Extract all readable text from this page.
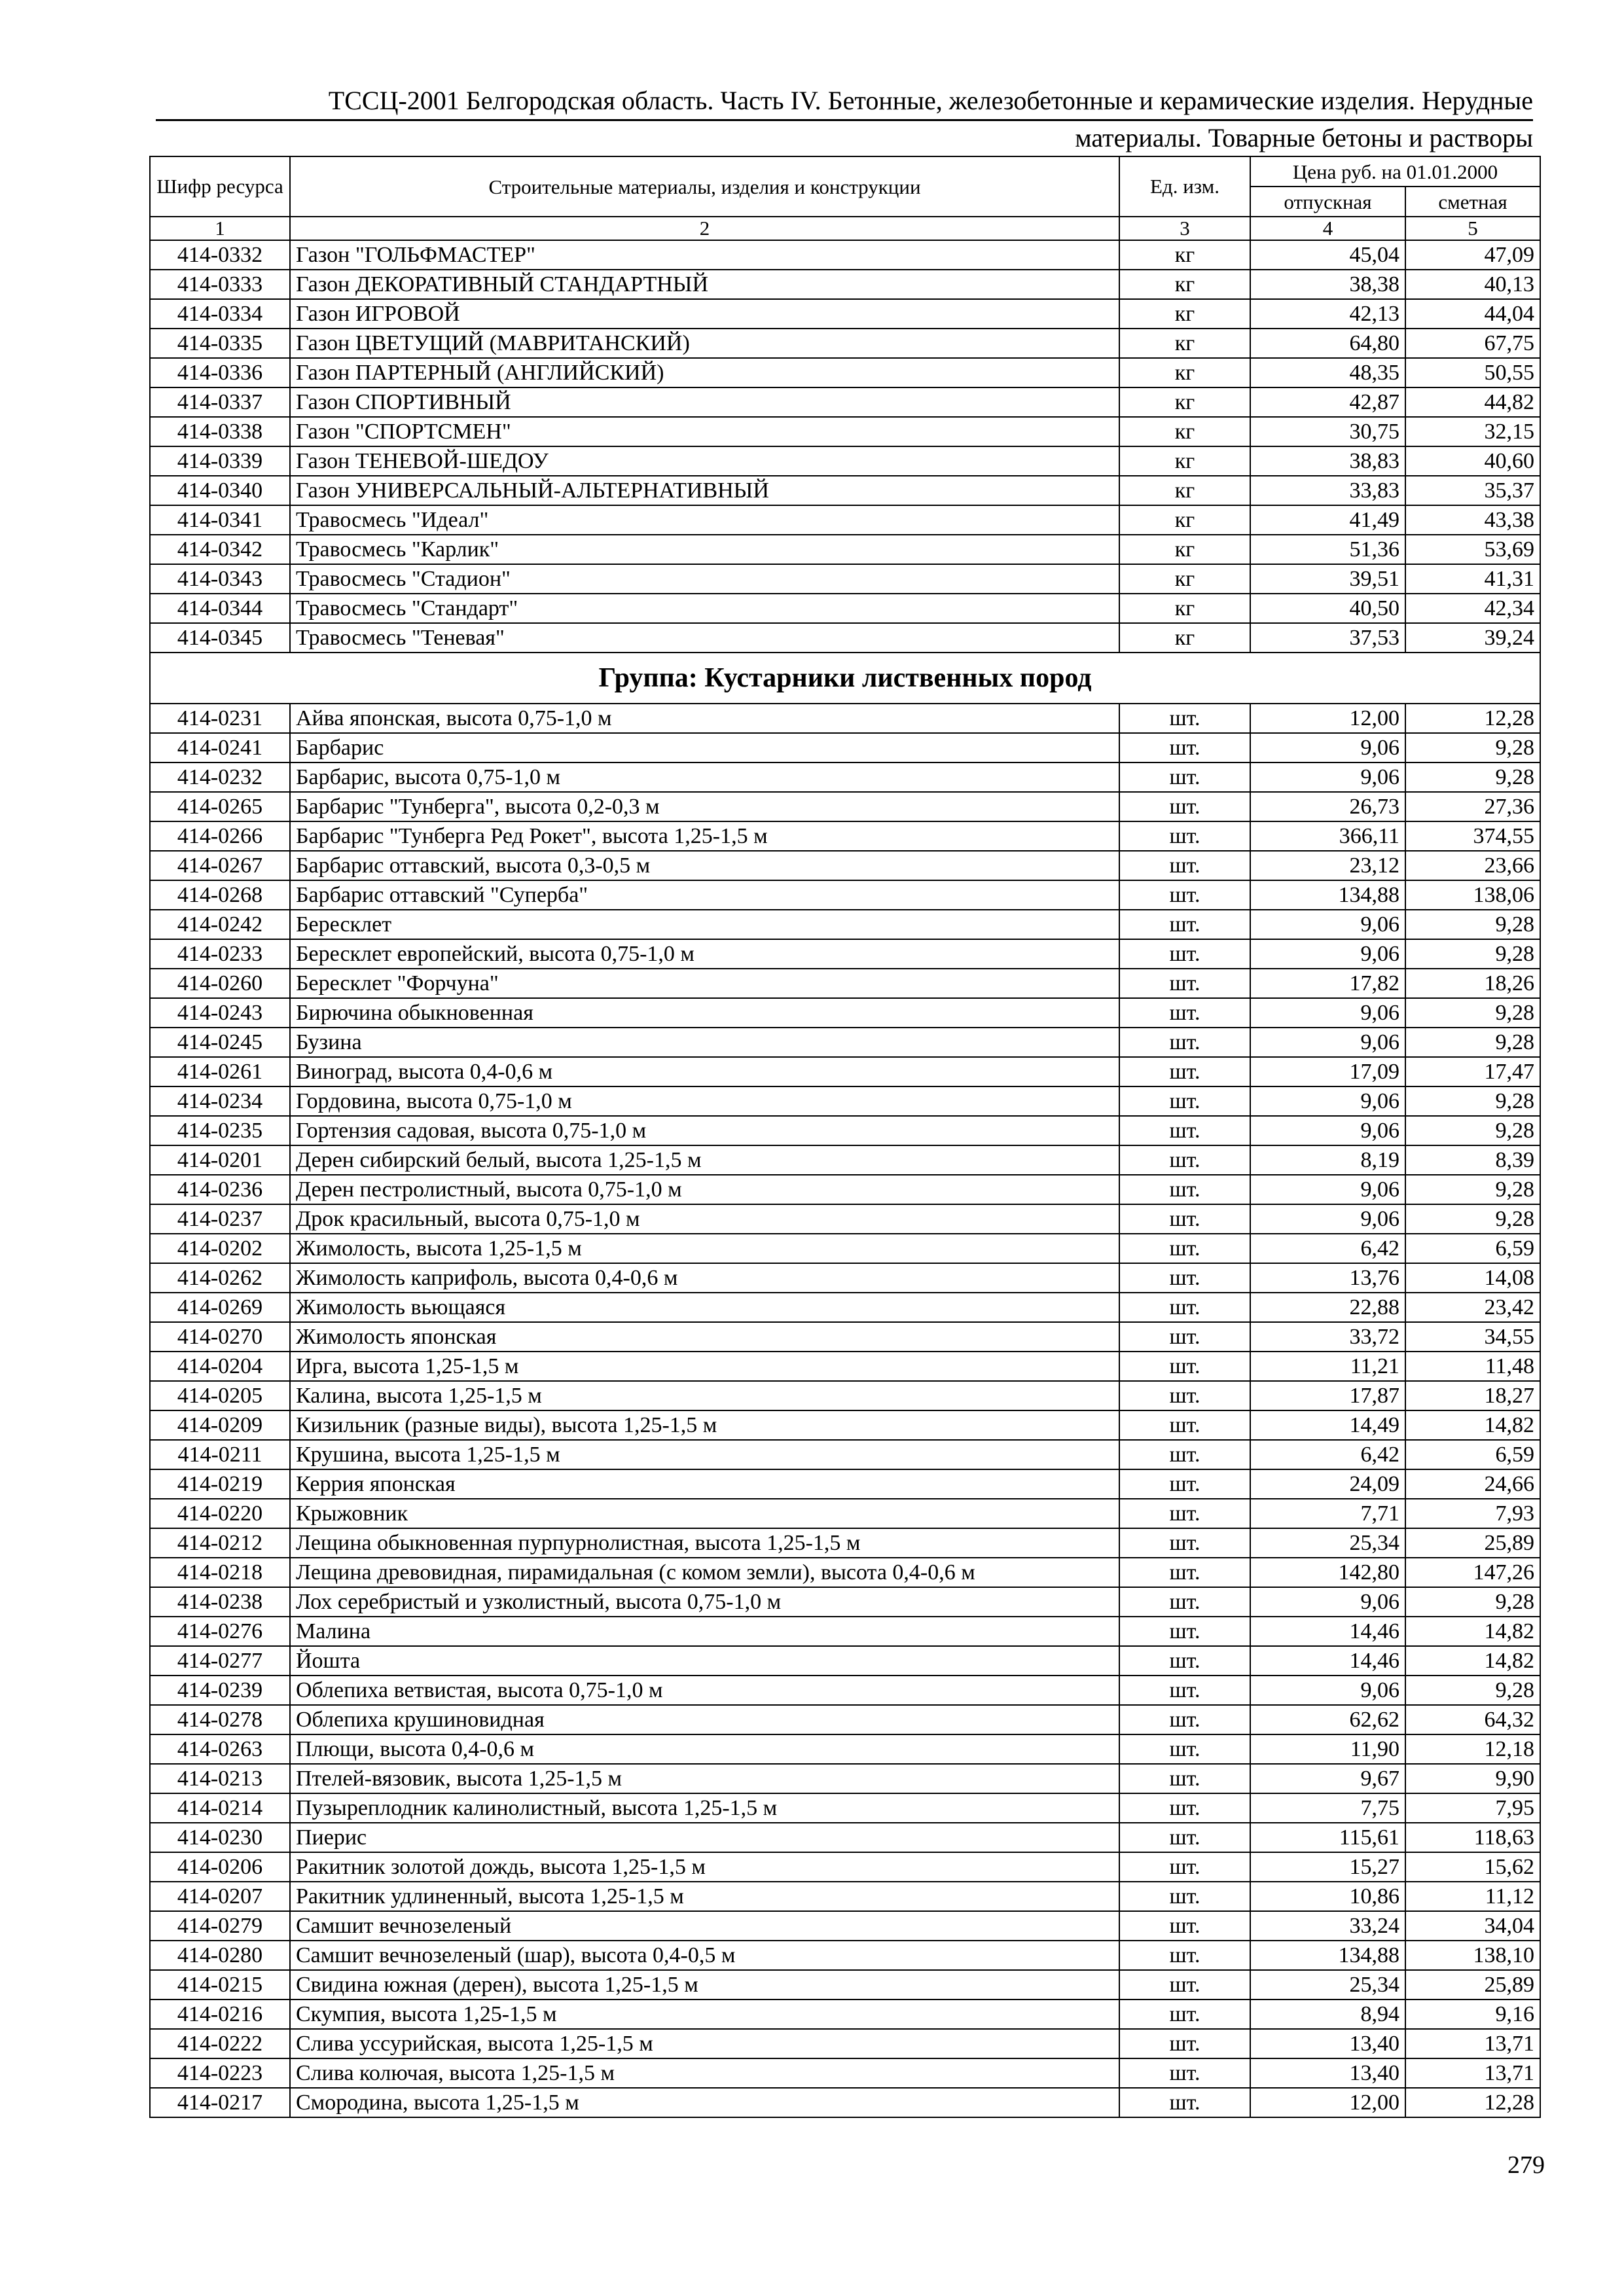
ТССЦ-2001 Белгородская область. Часть IV. Бетонные, железобетонные и керамические изделия. Нерудные
материалы. Товарные бетоны и растворы
Шифр ресурса	Строительные материалы, изделия и конструкции	Ед. изм.	Цена руб. на 01.01.2000	
			отпускная	сметная
1	2	3	4	5
414-0332	Газон "ГОЛЬФМАСТЕР"	кг	45,04	47,09
414-0333	Газон ДЕКОРАТИВНЫЙ СТАНДАРТНЫЙ	кг	38,38	40,13
414-0334	Газон ИГРОВОЙ	кг	42,13	44,04
414-0335	Газон ЦВЕТУЩИЙ (МАВРИТАНСКИЙ)	кг	64,80	67,75
414-0336	Газон ПАРТЕРНЫЙ (АНГЛИЙСКИЙ)	кг	48,35	50,55
414-0337	Газон СПОРТИВНЫЙ	кг	42,87	44,82
414-0338	Газон "СПОРТСМЕН"	кг	30,75	32,15
414-0339	Газон ТЕНЕВОЙ-ШЕДОУ	кг	38,83	40,60
414-0340	Газон УНИВЕРСАЛЬНЫЙ-АЛЬТЕРНАТИВНЫЙ	кг	33,83	35,37
414-0341	Травосмесь "Идеал"	кг	41,49	43,38
414-0342	Травосмесь "Карлик"	кг	51,36	53,69
414-0343	Травосмесь "Стадион"	кг	39,51	41,31
414-0344	Травосмесь "Стандарт"	кг	40,50	42,34
414-0345	Травосмесь "Теневая"	кг	37,53	39,24
Группа: Кустарники лиственных пород				
414-0231	Айва японская, высота 0,75-1,0 м	шт.	12,00	12,28
414-0241	Барбарис	шт.	9,06	9,28
414-0232	Барбарис, высота 0,75-1,0 м	шт.	9,06	9,28
414-0265	Барбарис "Тунберга", высота 0,2-0,3 м	шт.	26,73	27,36
414-0266	Барбарис "Тунберга Ред Рокет", высота 1,25-1,5 м	шт.	366,11	374,55
414-0267	Барбарис оттавский, высота 0,3-0,5 м	шт.	23,12	23,66
414-0268	Барбарис оттавский "Суперба"	шт.	134,88	138,06
414-0242	Бересклет	шт.	9,06	9,28
414-0233	Бересклет европейский, высота 0,75-1,0 м	шт.	9,06	9,28
414-0260	Бересклет "Форчуна"	шт.	17,82	18,26
414-0243	Бирючина обыкновенная	шт.	9,06	9,28
414-0245	Бузина	шт.	9,06	9,28
414-0261	Виноград, высота 0,4-0,6 м	шт.	17,09	17,47
414-0234	Гордовина, высота 0,75-1,0 м	шт.	9,06	9,28
414-0235	Гортензия садовая, высота 0,75-1,0 м	шт.	9,06	9,28
414-0201	Дерен сибирский белый, высота 1,25-1,5 м	шт.	8,19	8,39
414-0236	Дерен пестролистный, высота 0,75-1,0 м	шт.	9,06	9,28
414-0237	Дрок красильный, высота 0,75-1,0 м	шт.	9,06	9,28
414-0202	Жимолость, высота 1,25-1,5 м	шт.	6,42	6,59
414-0262	Жимолость каприфоль, высота 0,4-0,6 м	шт.	13,76	14,08
414-0269	Жимолость вьющаяся	шт.	22,88	23,42
414-0270	Жимолость японская	шт.	33,72	34,55
414-0204	Ирга, высота 1,25-1,5 м	шт.	11,21	11,48
414-0205	Калина, высота 1,25-1,5 м	шт.	17,87	18,27
414-0209	Кизильник (разные виды), высота 1,25-1,5 м	шт.	14,49	14,82
414-0211	Крушина, высота 1,25-1,5 м	шт.	6,42	6,59
414-0219	Керрия японская	шт.	24,09	24,66
414-0220	Крыжовник	шт.	7,71	7,93
414-0212	Лещина обыкновенная пурпурнолистная, высота 1,25-1,5 м	шт.	25,34	25,89
414-0218	Лещина древовидная, пирамидальная (с комом земли), высота 0,4-0,6 м	шт.	142,80	147,26
414-0238	Лох серебристый и узколистный, высота 0,75-1,0 м	шт.	9,06	9,28
414-0276	Малина	шт.	14,46	14,82
414-0277	Йошта	шт.	14,46	14,82
414-0239	Облепиха ветвистая, высота 0,75-1,0 м	шт.	9,06	9,28
414-0278	Облепиха крушиновидная	шт.	62,62	64,32
414-0263	Плющи, высота 0,4-0,6 м	шт.	11,90	12,18
414-0213	Птелей-вязовик, высота 1,25-1,5 м	шт.	9,67	9,90
414-0214	Пузыреплодник калинолистный, высота 1,25-1,5 м	шт.	7,75	7,95
414-0230	Пиерис	шт.	115,61	118,63
414-0206	Ракитник золотой дождь, высота 1,25-1,5 м	шт.	15,27	15,62
414-0207	Ракитник удлиненный, высота 1,25-1,5 м	шт.	10,86	11,12
414-0279	Самшит вечнозеленый	шт.	33,24	34,04
414-0280	Самшит вечнозеленый (шар), высота 0,4-0,5 м	шт.	134,88	138,10
414-0215	Свидина южная (дерен), высота 1,25-1,5 м	шт.	25,34	25,89
414-0216	Скумпия, высота 1,25-1,5 м	шт.	8,94	9,16
414-0222	Слива уссурийская, высота 1,25-1,5 м	шт.	13,40	13,71
414-0223	Слива колючая, высота 1,25-1,5 м	шт.	13,40	13,71
414-0217	Смородина, высота 1,25-1,5 м	шт.	12,00	12,28
279
